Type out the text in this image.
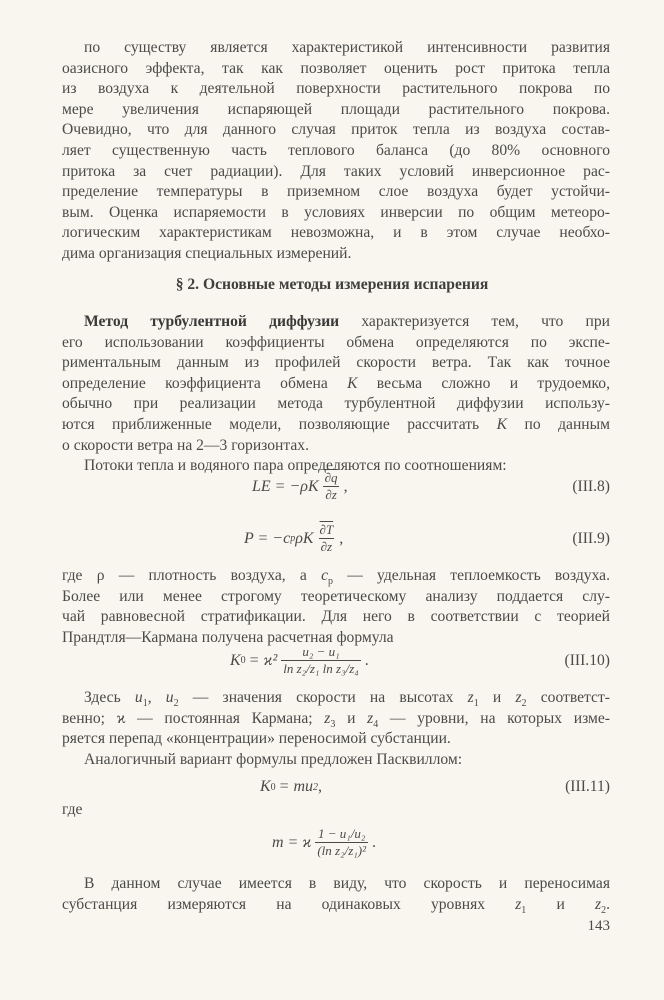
по существу является характеристикой интенсивности развития
оазисного эффекта, так как позволяет оценить рост притока тепла
из воздуха к деятельной поверхности растительного покрова по
мере увеличения испаряющей площади растительного покрова.
Очевидно, что для данного случая приток тепла из воздуха состав-
ляет существенную часть теплового баланса (до 80% основного
притока за счет радиации). Для таких условий инверсионное рас-
пределение температуры в приземном слое воздуха будет устойчи-
вым. Оценка испаряемости в условиях инверсии по общим метеоро-
логическим характеристикам невозможна, и в этом случае необхо-
дима организация специальных измерений.
§ 2. Основные методы измерения испарения
Метод турбулентной диффузии характеризуется тем, что при
его использовании коэффициенты обмена определяются по экспе-
риментальным данным из профилей скорости ветра. Так как точное
определение коэффициента обмена K весьма сложно и трудоемко,
обычно при реализации метода турбулентной диффузии использу-
ются приближенные модели, позволяющие рассчитать K по данным
о скорости ветра на 2—3 горизонтах.
Потоки тепла и водяного пара определяются по соотношениям:
LE = $-\rho K \frac{\partial q}{\partial z}$ ,	(III.8)
P = −c p ρK $\frac{\partial T}{\partial z}$ ,	(III.9)
где ρ — плотность воздуха, а $c_p$ — удельная теплоемкость воздуха.
Более или менее строгому теоретическому анализу поддается слу-
чай равновесной стратификации. Для него в соответствии с теорией
Прандтля—Кармана получена расчетная формула
K $0 = ϰ^2 \frac{\text{u₂ − u₁}}{\text{ln z₂/z₁ ln z₃/z₄}}$ .	(III.10)
Здесь $u_1$, $u_2$ — значения скорости на высотах $z_1$ и $z_2$ соответст-
венно; ϰ — постоянная Кармана; $z_3$ и $z_4$ — уровни, на которых изме-
ряется перепад «концентрации» переносимой субстанции.
Аналогичный вариант формулы предложен Пасквиллом:
K 0 = mu 2 ,	(III.11)
где
m = ϰ $\frac{\text{1 − u₁/u₂}}{\text{(ln z₂/z₁)²}}$ .
В данном случае имеется в виду, что скорость и переносимая
субстанция измеряются на одинаковых уровнях $z_1$ и $z_2$.
143
